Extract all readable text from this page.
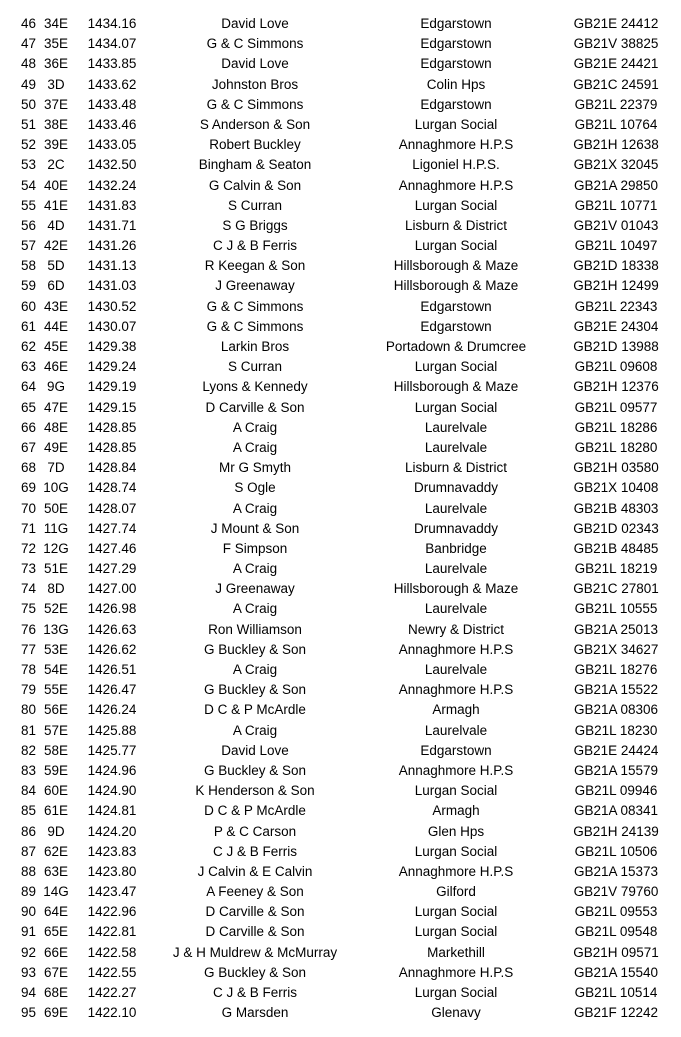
46 34E 1434.16	David Love	Edgarstown	GB21E 24412
47 35E 1434.07	G & C Simmons	Edgarstown	GB21V 38825
48 36E 1433.85	David Love	Edgarstown	GB21E 24421
49 3D	1433.62	Johnston Bros	Colin Hps	GB21C 24591
50 37E 1433.48	G & C Simmons	Edgarstown	GB21L 22379
51 38E 1433.46	S Anderson & Son	Lurgan Social	GB21L 10764
52 39E 1433.05	Robert Buckley	Annaghmore H.P.S	GB21H 12638
53 2C	1432.50	Bingham & Seaton	Ligoniel H.P.S.	GB21X 32045
54 40E 1432.24	G Calvin & Son	Annaghmore H.P.S	GB21A 29850
55 41E 1431.83	S Curran	Lurgan Social	GB21L 10771
56 4D	1431.71	S G Briggs	Lisburn & District	GB21V 01043
57 42E 1431.26	C J & B Ferris	Lurgan Social	GB21L 10497
58 5D	1431.13	R Keegan & Son	Hillsborough & Maze	GB21D 18338
59 6D	1431.03	J Greenaway	Hillsborough & Maze	GB21H 12499
60 43E 1430.52	G & C Simmons	Edgarstown	GB21L 22343
61 44E 1430.07	G & C Simmons	Edgarstown	GB21E 24304
62 45E 1429.38	Larkin Bros	Portadown & Drumcree	GB21D 13988
63 46E 1429.24	S Curran	Lurgan Social	GB21L 09608
64 9G	1429.19	Lyons & Kennedy	Hillsborough & Maze	GB21H 12376
65 47E 1429.15	D Carville & Son	Lurgan Social	GB21L 09577
66 48E 1428.85	A Craig	Laurelvale	GB21L 18286
67 49E 1428.85	A Craig	Laurelvale	GB21L 18280
68 7D	1428.84	Mr G Smyth	Lisburn & District	GB21H 03580
69 10G 1428.74	S Ogle	Drumnavaddy	GB21X 10408
70 50E 1428.07	A Craig	Laurelvale	GB21B 48303
71 11G 1427.74	J Mount & Son	Drumnavaddy	GB21D 02343
72 12G 1427.46	F Simpson	Banbridge	GB21B 48485
73 51E 1427.29	A Craig	Laurelvale	GB21L 18219
74 8D	1427.00	J Greenaway	Hillsborough & Maze	GB21C 27801
75 52E 1426.98	A Craig	Laurelvale	GB21L 10555
76 13G 1426.63	Ron Williamson	Newry & District	GB21A 25013
77 53E 1426.62	G Buckley & Son	Annaghmore H.P.S	GB21X 34627
78 54E 1426.51	A Craig	Laurelvale	GB21L 18276
79 55E 1426.47	G Buckley & Son	Annaghmore H.P.S	GB21A 15522
80 56E 1426.24	D C & P McArdle	Armagh	GB21A 08306
81 57E 1425.88	A Craig	Laurelvale	GB21L 18230
82 58E 1425.77	David Love	Edgarstown	GB21E 24424
83 59E 1424.96	G Buckley & Son	Annaghmore H.P.S	GB21A 15579
84 60E 1424.90	K Henderson & Son	Lurgan Social	GB21L 09946
85 61E 1424.81	D C & P McArdle	Armagh	GB21A 08341
86 9D	1424.20	P & C Carson	Glen Hps	GB21H 24139
87 62E 1423.83	C J & B Ferris	Lurgan Social	GB21L 10506
88 63E 1423.80	J Calvin & E Calvin	Annaghmore H.P.S	GB21A 15373
89 14G 1423.47	A Feeney & Son	Gilford	GB21V 79760
90 64E 1422.96	D Carville & Son	Lurgan Social	GB21L 09553
91 65E 1422.81	D Carville & Son	Lurgan Social	GB21L 09548
92 66E 1422.58	J & H Muldrew & McMurray	Markethill	GB21H 09571
93 67E 1422.55	G Buckley & Son	Annaghmore H.P.S	GB21A 15540
94 68E 1422.27	C J & B Ferris	Lurgan Social	GB21L 10514
95 69E 1422.10	G Marsden	Glenavy	GB21F 12242
